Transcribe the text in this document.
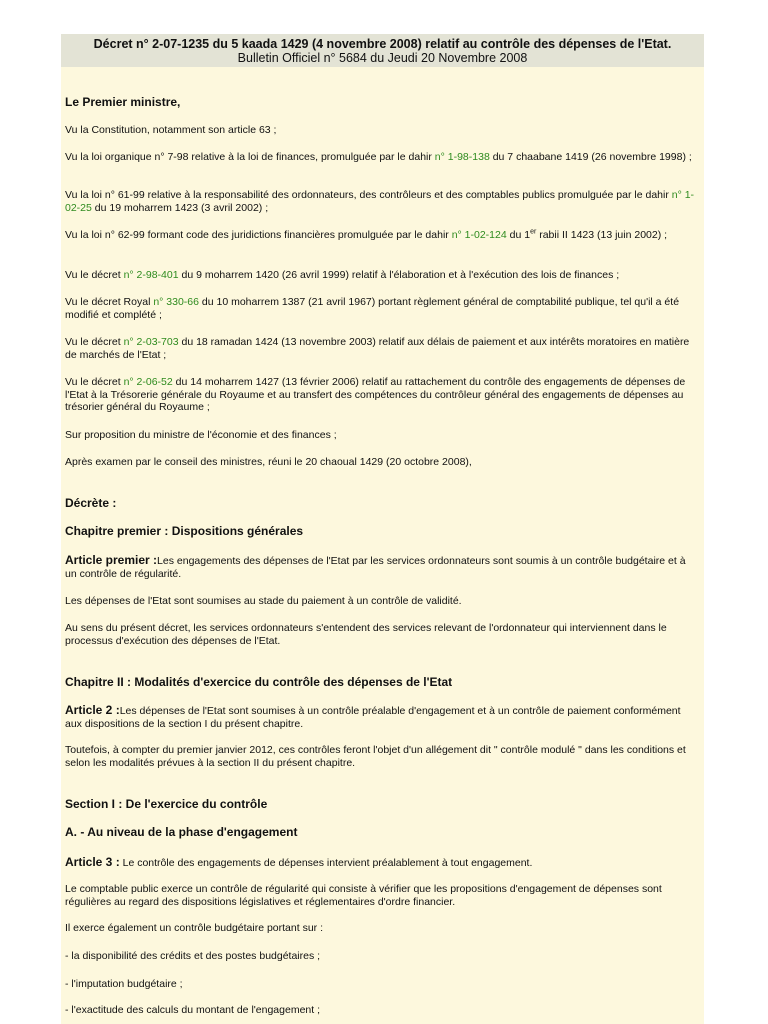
Décret n° 2-07-1235 du 5 kaada 1429 (4 novembre 2008) relatif au contrôle des dépenses de l'Etat.
Bulletin Officiel n° 5684 du Jeudi 20 Novembre 2008

Le Premier ministre,

Vu la Constitution, notamment son article 63 ;

Vu la loi organique n° 7-98 relative à la loi de finances, promulguée par le dahir n° 1-98-138 du 7 chaabane 1419 (26 novembre 1998) ;

Vu la loi n° 61-99 relative à la responsabilité des ordonnateurs, des contrôleurs et des comptables publics promulguée par le dahir n° 1-02-25 du 19 moharrem 1423 (3 avril 2002) ;

Vu la loi n° 62-99 formant code des juridictions financières promulguée par le dahir n° 1-02-124 du 1er rabii II 1423 (13 juin 2002) ;

Vu le décret n° 2-98-401 du 9 moharrem 1420 (26 avril 1999) relatif à l'élaboration et à l'exécution des lois de finances ;

Vu le décret Royal n° 330-66 du 10 moharrem 1387 (21 avril 1967) portant règlement général de comptabilité publique, tel qu'il a été modifié et complété ;

Vu le décret n° 2-03-703 du 18 ramadan 1424 (13 novembre 2003) relatif aux délais de paiement et aux intérêts moratoires en matière de marchés de l'Etat ;

Vu le décret n° 2-06-52 du 14 moharrem 1427 (13 février 2006) relatif au rattachement du contrôle des engagements de dépenses de l'Etat à la Trésorerie générale du Royaume et au transfert des compétences du contrôleur général des engagements de dépenses au trésorier général du Royaume ;

Sur proposition du ministre de l'économie et des finances ;

Après examen par le conseil des ministres, réuni le 20 chaoual 1429 (20 octobre 2008),

Décrète :

Chapitre premier : Dispositions générales

Article premier :Les engagements des dépenses de l'Etat par les services ordonnateurs sont soumis à un contrôle budgétaire et à un contrôle de régularité.

Les dépenses de l'Etat sont soumises au stade du paiement à un contrôle de validité.

Au sens du présent décret, les services ordonnateurs s'entendent des services relevant de l'ordonnateur qui interviennent dans le processus d'exécution des dépenses de l'Etat.

Chapitre II : Modalités d'exercice du contrôle des dépenses de l'Etat

Article 2 :Les dépenses de l'Etat sont soumises à un contrôle préalable d'engagement et à un contrôle de paiement conformément aux dispositions de la section I du présent chapitre.

Toutefois, à compter du premier janvier 2012, ces contrôles feront l'objet d'un allégement dit " contrôle modulé " dans les conditions et selon les modalités prévues à la section II du présent chapitre.

Section I : De l'exercice du contrôle

A. - Au niveau de la phase d'engagement

Article 3 : Le contrôle des engagements de dépenses intervient préalablement à tout engagement.

Le comptable public exerce un contrôle de régularité qui consiste à vérifier que les propositions d'engagement de dépenses sont régulières au regard des dispositions législatives et réglementaires d'ordre financier.

Il exerce également un contrôle budgétaire portant sur :

- la disponibilité des crédits et des postes budgétaires ;

- l'imputation budgétaire ;

- l'exactitude des calculs du montant de l'engagement ;
